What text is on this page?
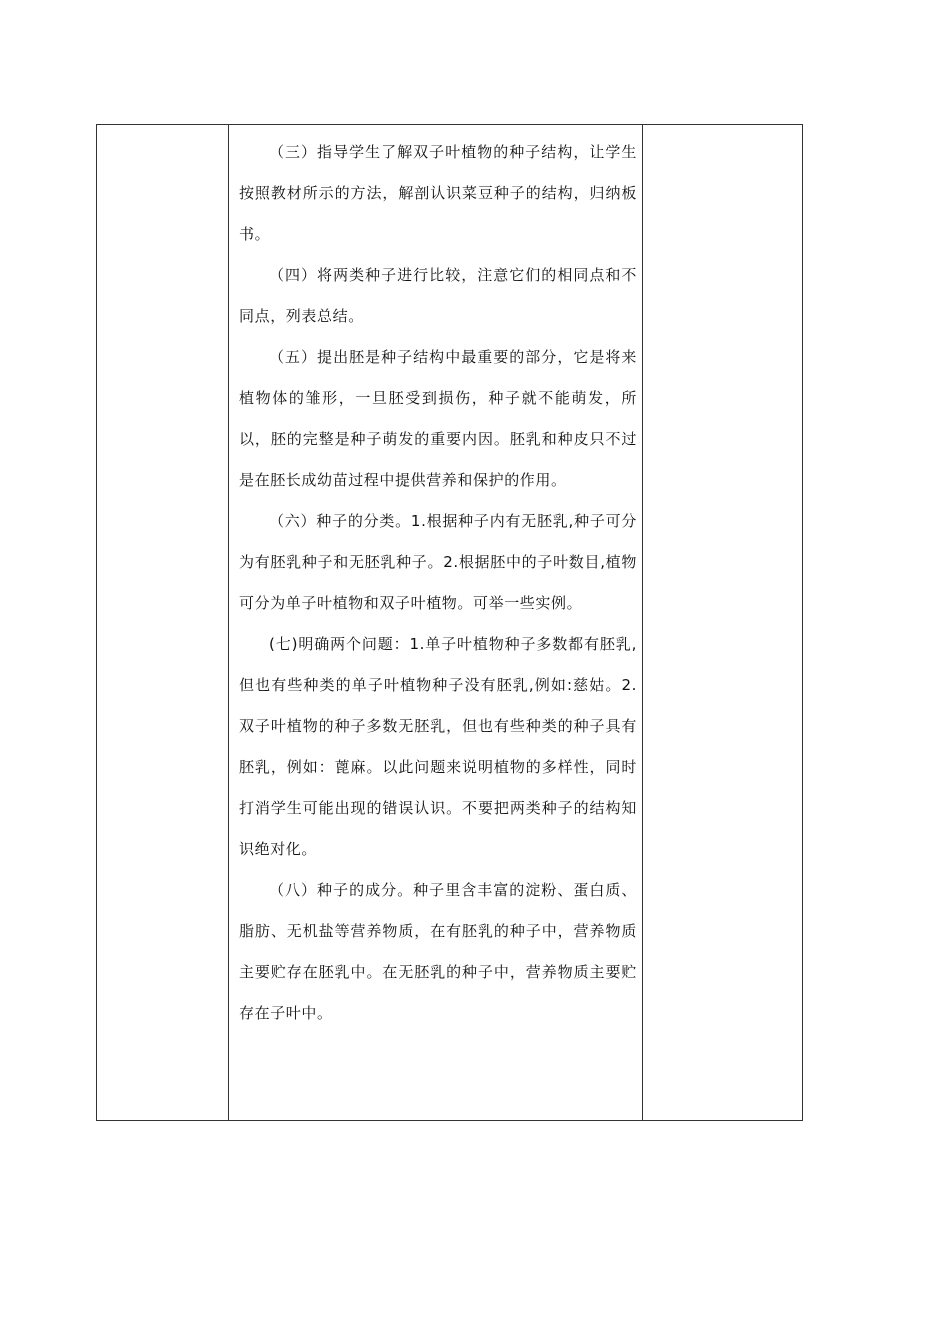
（三）指导学生了解双子叶植物的种子结构，让学生按照教材所示的方法，解剖认识菜豆种子的结构，归纳板书。

（四）将两类种子进行比较，注意它们的相同点和不同点，列表总结。

（五）提出胚是种子结构中最重要的部分，它是将来植物体的雏形，一旦胚受到损伤，种子就不能萌发，所以，胚的完整是种子萌发的重要内因。胚乳和种皮只不过是在胚长成幼苗过程中提供营养和保护的作用。

（六）种子的分类。1.根据种子内有无胚乳,种子可分为有胚乳种子和无胚乳种子。2.根据胚中的子叶数目,植物可分为单子叶植物和双子叶植物。可举一些实例。

(七)明确两个问题：1.单子叶植物种子多数都有胚乳,但也有些种类的单子叶植物种子没有胚乳,例如:慈姑。2.双子叶植物的种子多数无胚乳，但也有些种类的种子具有胚乳，例如：蓖麻。以此问题来说明植物的多样性，同时打消学生可能出现的错误认识。不要把两类种子的结构知识绝对化。

（八）种子的成分。种子里含丰富的淀粉、蛋白质、脂肪、无机盐等营养物质，在有胚乳的种子中，营养物质主要贮存在胚乳中。在无胚乳的种子中，营养物质主要贮存在子叶中。
